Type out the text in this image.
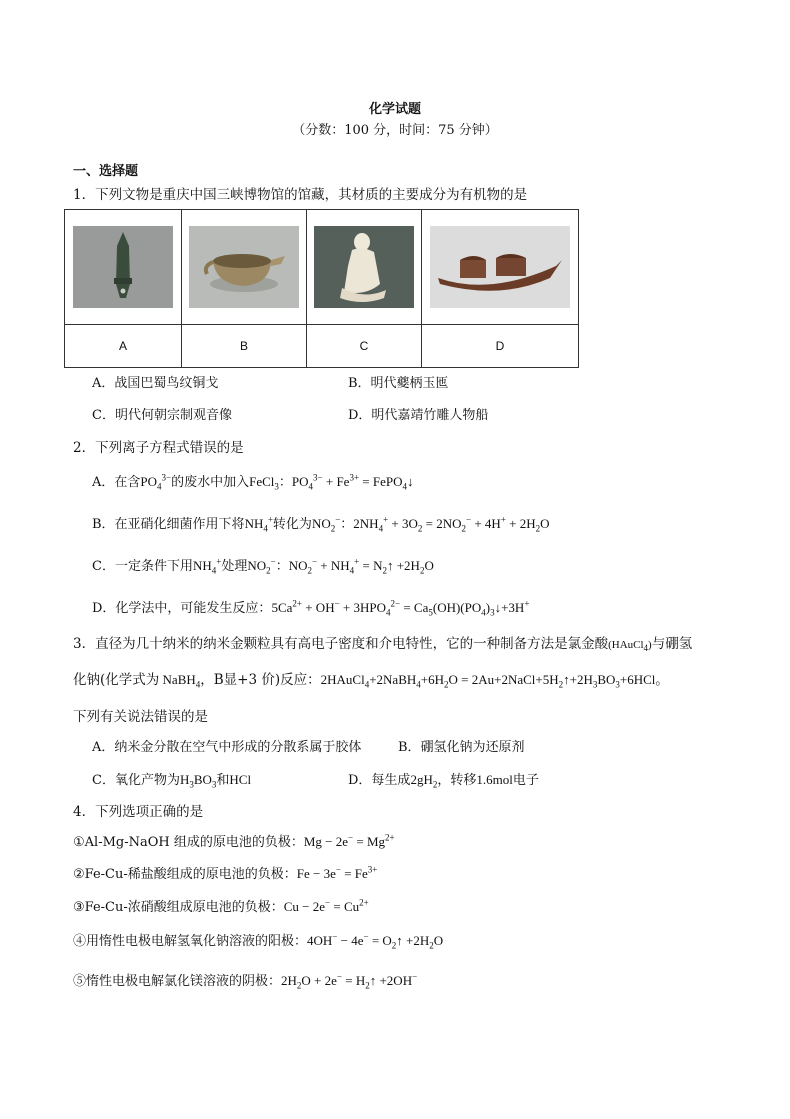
化学试题
（分数：100 分，时间：75 分钟）
一、选择题
1．下列文物是重庆中国三峡博物馆的馆藏，其材质的主要成分为有机物的是

A	B	C	D
A．战国巴蜀鸟纹铜戈	B．明代夔柄玉匜
C．明代何朝宗制观音像	D．明代嘉靖竹雕人物船
2．下列离子方程式错误的是
A．在含$PO_4^{3-}$的废水中加入FeCl$_3$：$PO_4^{3-} + Fe^{3+}$ = FePO$_4$↓
B．在亚硝化细菌作用下将$NH_4^+$转化为$NO_2^-$：$2NH_4^+ + 3O_2 = 2NO_2^- + 4H^+ + 2H_2O$
C．一定条件下用$NH_4^+$处理$NO_2^-$：$NO_2^- + NH_4^+$ = $N_2↑ +2H_2O$
D．化学法中，可能发生反应：$5Ca^{2+} + OH^- + 3HPO_4^{2-}$ = $Ca_5(OH)(PO_4)_3↓+3H^+$
3．直径为几十纳米的纳米金颗粒具有高电子密度和介电特性，它的一种制备方法是氯金酸(HAuCl$_4$)与硼氢
化钠(化学式为 NaBH$_4$，B显+3 价)反应：$2HAuCl_4+2NaBH_4+6H_2O$ = $2Au+2NaCl+5H_2↑+2H_3BO_3+6HCl$。
下列有关说法错误的是
A．纳米金分散在空气中形成的分散系属于胶体	B．硼氢化钠为还原剂
C．氧化产物为$H_3BO_3$和HCl	D．每生成$2gH_2$，转移1.6mol电子
4．下列选项正确的是
①Al-Mg-NaOH 组成的原电池的负极：$Mg - 2e^- = Mg^{2+}$
②Fe-Cu-稀盐酸组成的原电池的负极：$Fe - 3e^- = Fe^{3+}$
③Fe-Cu-浓硝酸组成原电池的负极：$Cu - 2e^- = Cu^{2+}$
④用惰性电极电解氢氧化钠溶液的阳极：$4OH^- - 4e^- = O_2↑ +2H_2O$
⑤惰性电极电解氯化镁溶液的阴极：$2H_2O + 2e^-$ = $H_2↑ +2OH^-$
